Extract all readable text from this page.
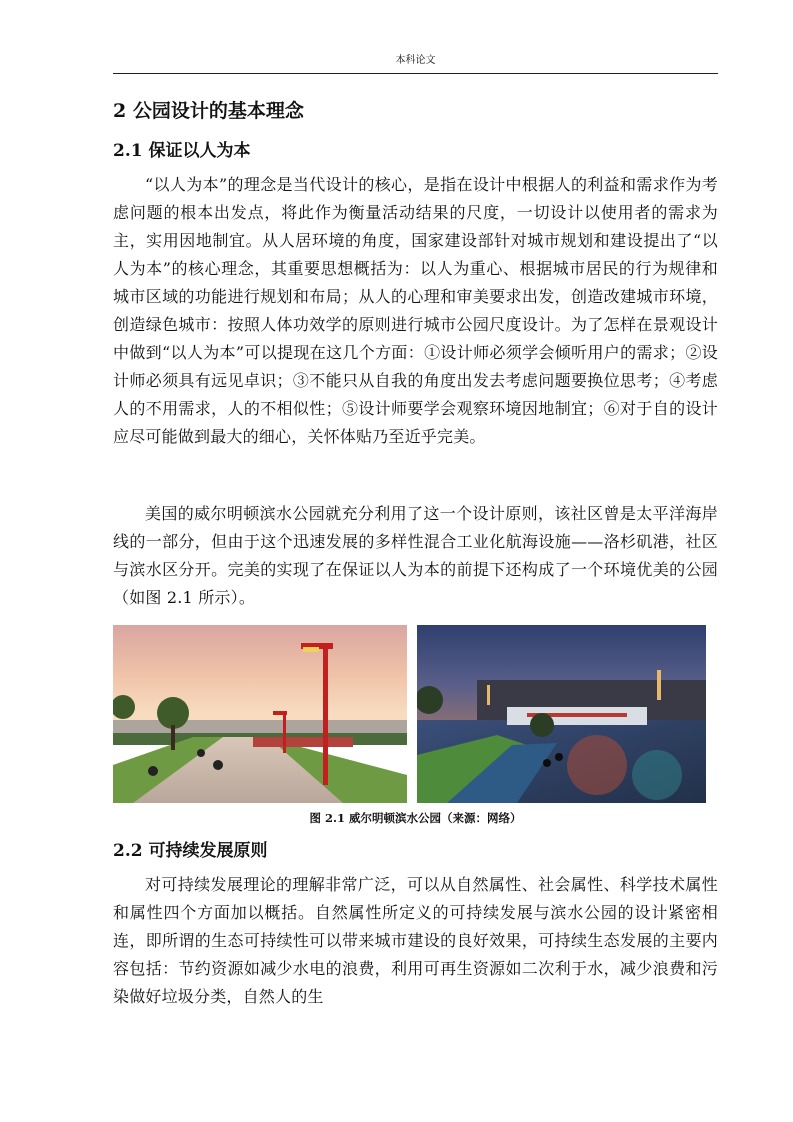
本科论文
2 公园设计的基本理念
2.1 保证以人为本

“以人为本”的理念是当代设计的核心，是指在设计中根据人的利益和需求作为考虑问题的根本出发点，将此作为衡量活动结果的尺度，一切设计以使用者的需求为主，实用因地制宜。从人居环境的角度，国家建设部针对城市规划和建设提出了“以人为本”的核心理念，其重要思想概括为：以人为重心、根据城市居民的行为规律和城市区域的功能进行规划和布局；从人的心理和审美要求出发，创造改建城市环境，创造绿色城市：按照人体功效学的原则进行城市公园尺度设计。为了怎样在景观设计中做到“以人为本”可以提现在这几个方面：①设计师必须学会倾听用户的需求；②设计师必须具有远见卓识；③不能只从自我的角度出发去考虑问题要换位思考；④考虑人的不用需求，人的不相似性；⑤设计师要学会观察环境因地制宜；⑥对于自的设计应尽可能做到最大的细心，关怀体贴乃至近乎完美。

美国的威尔明顿滨水公园就充分利用了这一个设计原则，该社区曾是太平洋海岸线的一部分，但由于这个迅速发展的多样性混合工业化航海设施——洛杉矶港，社区与滨水区分开。完美的实现了在保证以人为本的前提下还构成了一个环境优美的公园（如图 2.1 所示）。

图 2.1 威尔明顿滨水公园（来源：网络）
2.2 可持续发展原则

对可持续发展理论的理解非常广泛，可以从自然属性、社会属性、科学技术属性和属性四个方面加以概括。自然属性所定义的可持续发展与滨水公园的设计紧密相连，即所谓的生态可持续性可以带来城市建设的良好效果，可持续生态发展的主要内容包括：节约资源如减少水电的浪费，利用可再生资源如二次利于水，减少浪费和污染做好垃圾分类，自然人的生
